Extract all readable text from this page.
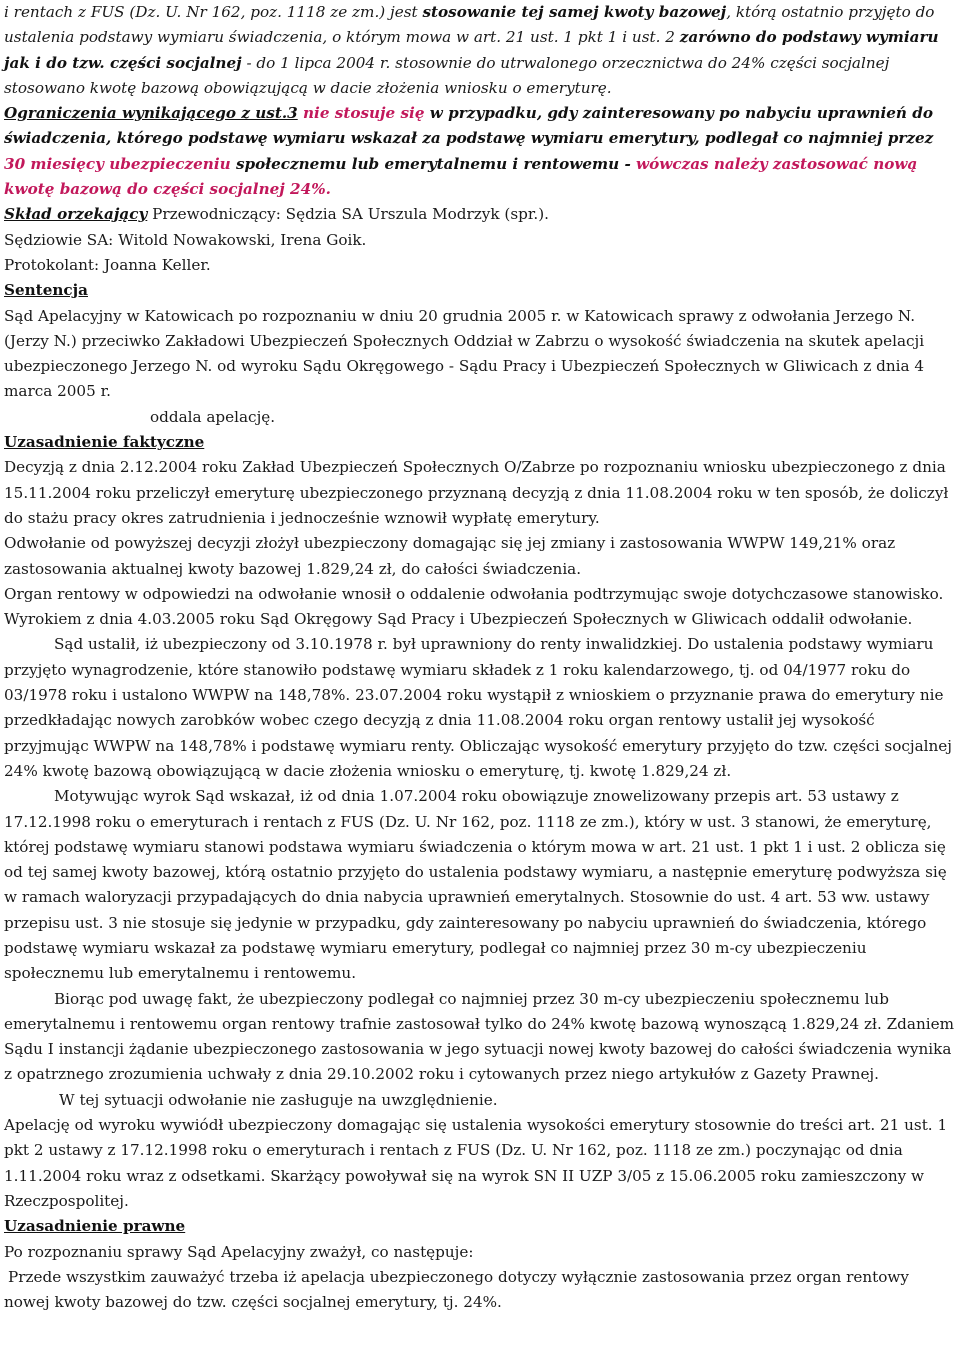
i rentach z FUS (Dz. U. Nr 162, poz. 1118 ze zm.) jest stosowanie tej samej kwoty bazowej, którą ostatnio przyjęto do ustalenia podstawy wymiaru świadczenia, o którym mowa w art. 21 ust. 1 pkt 1 i ust. 2 zarówno do podstawy wymiaru jak i do tzw. części socjalnej - do 1 lipca 2004 r. stosownie do utrwalonego orzecznictwa do 24% części socjalnej stosowano kwotę bazową obowiązującą w dacie złożenia wniosku o emeryturę.

Ograniczenia wynikającego z ust.3 nie stosuje się w przypadku, gdy zainteresowany po nabyciu uprawnień do świadczenia, którego podstawę wymiaru wskazał za podstawę wymiaru emerytury, podlegał co najmniej przez 30 miesięcy ubezpieczeniu społecznemu lub emerytalnemu i rentowemu - wówczas należy zastosować nową kwotę bazową do części socjalnej 24%.

Skład orzekający Przewodniczący: Sędzia SA Urszula Modrzyk (spr.).

Sędziowie SA: Witold Nowakowski, Irena Goik.

Protokolant: Joanna Keller.

Sentencja

Sąd Apelacyjny w Katowicach po rozpoznaniu w dniu 20 grudnia 2005 r. w Katowicach sprawy z odwołania Jerzego N. (Jerzy N.) przeciwko Zakładowi Ubezpieczeń Społecznych Oddział w Zabrzu o wysokość świadczenia na skutek apelacji ubezpieczonego Jerzego N. od wyroku Sądu Okręgowego - Sądu Pracy i Ubezpieczeń Społecznych w Gliwicach z dnia 4 marca 2005 r.

oddala apelację.

Uzasadnienie faktyczne

Decyzją z dnia 2.12.2004 roku Zakład Ubezpieczeń Społecznych O/Zabrze po rozpoznaniu wniosku ubezpieczonego z dnia 15.11.2004 roku przeliczył emeryturę ubezpieczonego przyznaną decyzją z dnia 11.08.2004 roku w ten sposób, że doliczył do stażu pracy okres zatrudnienia i jednocześnie wznowił wypłatę emerytury.

Odwołanie od powyższej decyzji złożył ubezpieczony domagając się jej zmiany i zastosowania WWPW 149,21% oraz zastosowania aktualnej kwoty bazowej 1.829,24 zł, do całości świadczenia.

Organ rentowy w odpowiedzi na odwołanie wnosił o oddalenie odwołania podtrzymując swoje dotychczasowe stanowisko.

Wyrokiem z dnia 4.03.2005 roku Sąd Okręgowy Sąd Pracy i Ubezpieczeń Społecznych w Gliwicach oddalił odwołanie.

Sąd ustalił, iż ubezpieczony od 3.10.1978 r. był uprawniony do renty inwalidzkiej. Do ustalenia podstawy wymiaru przyjęto wynagrodzenie, które stanowiło podstawę wymiaru składek z 1 roku kalendarzowego, tj. od 04/1977 roku do 03/1978 roku i ustalono WWPW na 148,78%. 23.07.2004 roku wystąpił z wnioskiem o przyznanie prawa do emerytury nie przedkładając nowych zarobków wobec czego decyzją z dnia 11.08.2004 roku organ rentowy ustalił jej wysokość przyjmując WWPW na 148,78% i podstawę wymiaru renty. Obliczając wysokość emerytury przyjęto do tzw. części socjalnej 24% kwotę bazową obowiązującą w dacie złożenia wniosku o emeryturę, tj. kwotę 1.829,24 zł.

Motywując wyrok Sąd wskazał, iż od dnia 1.07.2004 roku obowiązuje znowelizowany przepis art. 53 ustawy z 17.12.1998 roku o emeryturach i rentach z FUS (Dz. U. Nr 162, poz. 1118 ze zm.), który w ust. 3 stanowi, że emeryturę, której podstawę wymiaru stanowi podstawa wymiaru świadczenia o którym mowa w art. 21 ust. 1 pkt 1 i ust. 2 oblicza się od tej samej kwoty bazowej, którą ostatnio przyjęto do ustalenia podstawy wymiaru, a następnie emeryturę podwyższa się w ramach waloryzacji przypadających do dnia nabycia uprawnień emerytalnych. Stosownie do ust. 4 art. 53 ww. ustawy przepisu ust. 3 nie stosuje się jedynie w przypadku, gdy zainteresowany po nabyciu uprawnień do świadczenia, którego podstawę wymiaru wskazał za podstawę wymiaru emerytury, podlegał co najmniej przez 30 m-cy ubezpieczeniu społecznemu lub emerytalnemu i rentowemu.

Biorąc pod uwagę fakt, że ubezpieczony podlegał co najmniej przez 30 m-cy ubezpieczeniu społecznemu lub emerytalnemu i rentowemu organ rentowy trafnie zastosował tylko do 24% kwotę bazową wynoszącą 1.829,24 zł. Zdaniem Sądu I instancji żądanie ubezpieczonego zastosowania w jego sytuacji nowej kwoty bazowej do całości świadczenia wynika z opatrznego zrozumienia uchwały z dnia 29.10.2002 roku i cytowanych przez niego artykułów z Gazety Prawnej.

W tej sytuacji odwołanie nie zasługuje na uwzględnienie.

Apelację od wyroku wywiódł ubezpieczony domagając się ustalenia wysokości emerytury stosownie do treści art. 21 ust. 1 pkt 2 ustawy z 17.12.1998 roku o emeryturach i rentach z FUS (Dz. U. Nr 162, poz. 1118 ze zm.) poczynając od dnia 1.11.2004 roku wraz z odsetkami. Skarżący powoływał się na wyrok SN II UZP 3/05 z 15.06.2005 roku zamieszczony w Rzeczpospolitej.

Uzasadnienie prawne

Po rozpoznaniu sprawy Sąd Apelacyjny zważył, co następuje:

Przede wszystkim zauważyć trzeba iż apelacja ubezpieczonego dotyczy wyłącznie zastosowania przez organ rentowy nowej kwoty bazowej do tzw. części socjalnej emerytury, tj. 24%.
